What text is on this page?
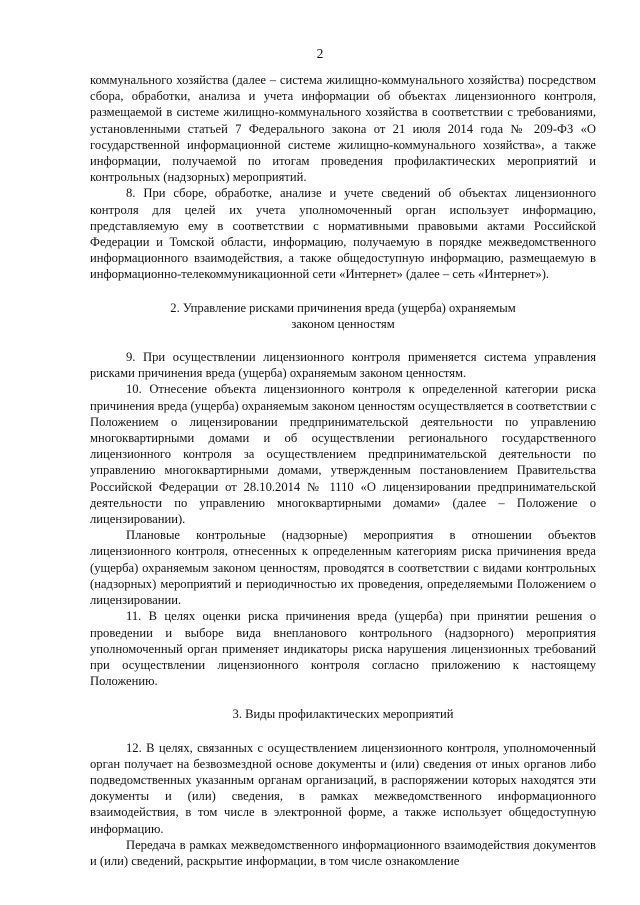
2

коммунального хозяйства (далее – система жилищно-коммунального хозяйства) посредством сбора, обработки, анализа и учета информации об объектах лицензионного контроля, размещаемой в системе жилищно-коммунального хозяйства в соответствии с требованиями, установленными статьей 7 Федерального закона от 21 июля 2014 года № 209-ФЗ «О государственной информационной системе жилищно-коммунального хозяйства», а также информации, получаемой по итогам проведения профилактических мероприятий и контрольных (надзорных) мероприятий.

8. При сборе, обработке, анализе и учете сведений об объектах лицензионного контроля для целей их учета уполномоченный орган использует информацию, представляемую ему в соответствии с нормативными правовыми актами Российской Федерации и Томской области, информацию, получаемую в порядке межведомственного информационного взаимодействия, а также общедоступную информацию, размещаемую в информационно-телекоммуникационной сети «Интернет» (далее – сеть «Интернет»).

2. Управление рисками причинения вреда (ущерба) охраняемым

законом ценностям

9. При осуществлении лицензионного контроля применяется система управления рисками причинения вреда (ущерба) охраняемым законом ценностям.

10. Отнесение объекта лицензионного контроля к определенной категории риска причинения вреда (ущерба) охраняемым законом ценностям осуществляется в соответствии с Положением о лицензировании предпринимательской деятельности по управлению многоквартирными домами и об осуществлении регионального государственного лицензионного контроля за осуществлением предпринимательской деятельности по управлению многоквартирными домами, утвержденным постановлением Правительства Российской Федерации от 28.10.2014 № 1110 «О лицензировании предпринимательской деятельности по управлению многоквартирными домами» (далее – Положение о лицензировании).

Плановые контрольные (надзорные) мероприятия в отношении объектов лицензионного контроля, отнесенных к определенным категориям риска причинения вреда (ущерба) охраняемым законом ценностям, проводятся в соответствии с видами контрольных (надзорных) мероприятий и периодичностью их проведения, определяемыми Положением о лицензировании.

11. В целях оценки риска причинения вреда (ущерба) при принятии решения о проведении и выборе вида внепланового контрольного (надзорного) мероприятия уполномоченный орган применяет индикаторы риска нарушения лицензионных требований при осуществлении лицензионного контроля согласно приложению к настоящему Положению.

3. Виды профилактических мероприятий

12. В целях, связанных с осуществлением лицензионного контроля, уполномоченный орган получает на безвозмездной основе документы и (или) сведения от иных органов либо подведомственных указанным органам организаций, в распоряжении которых находятся эти документы и (или) сведения, в рамках межведомственного информационного взаимодействия, в том числе в электронной форме, а также использует общедоступную информацию.

Передача в рамках межведомственного информационного взаимодействия документов и (или) сведений, раскрытие информации, в том числе ознакомление
